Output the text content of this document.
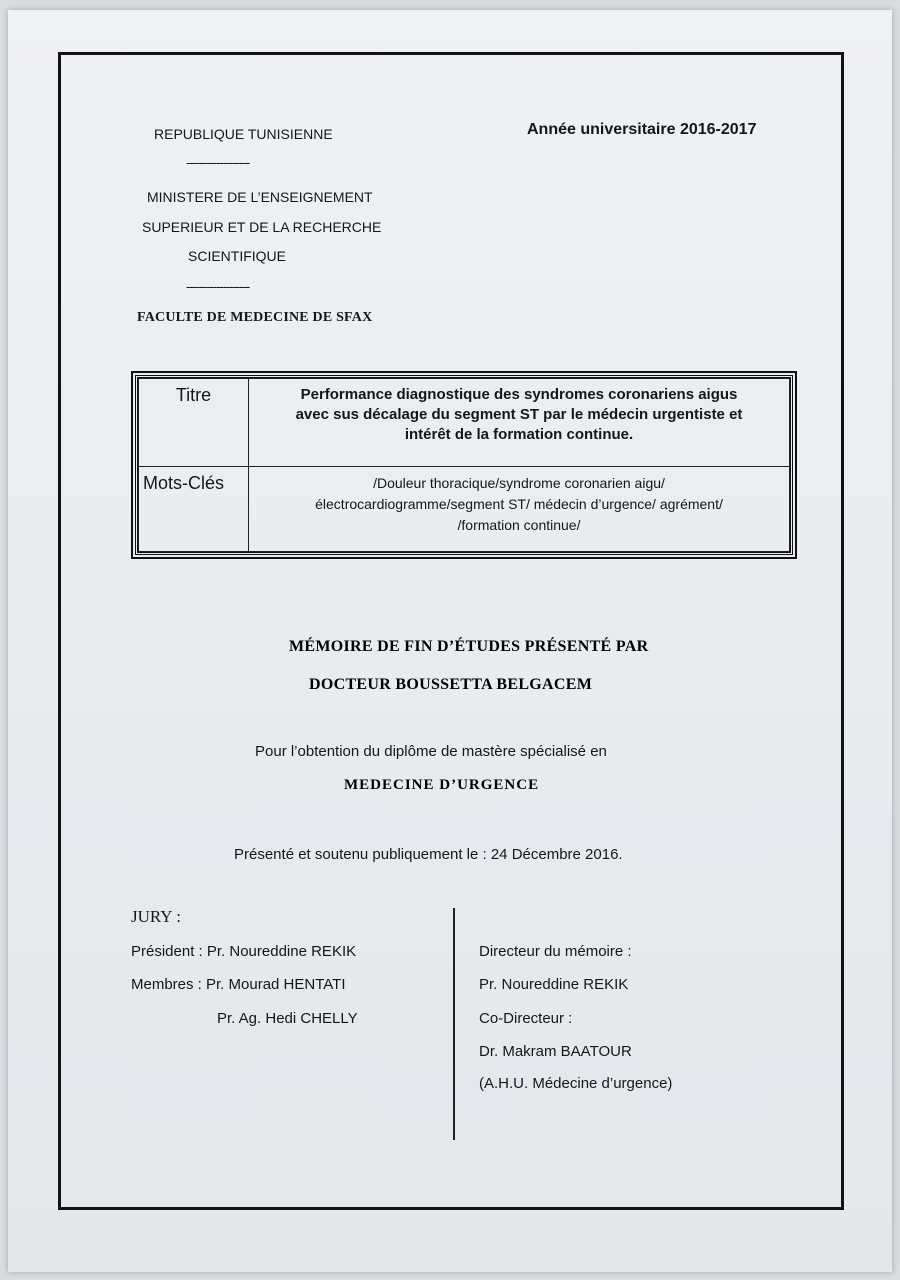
REPUBLIQUE TUNISIENNE
-------------------
MINISTERE DE L’ENSEIGNEMENT
SUPERIEUR ET DE LA RECHERCHE
SCIENTIFIQUE
-------------------
FACULTE DE MEDECINE DE SFAX
Année universitaire 2016-2017
Titre	Performance diagnostique des syndromes coronariens aigus
avec sus décalage du segment ST par le médecin urgentiste et
intérêt de la formation continue.
Mots-Clés	/Douleur thoracique/syndrome coronarien aigu/
électrocardiogramme/segment ST/ médecin d’urgence/ agrément/
/formation continue/
MÉMOIRE DE FIN D’ÉTUDES PRÉSENTÉ PAR
DOCTEUR BOUSSETTA BELGACEM
Pour l’obtention du diplôme de mastère spécialisé en
MEDECINE D’URGENCE
Présenté et soutenu publiquement le : 24 Décembre 2016.
JURY :
Président : Pr. Noureddine REKIK
Membres : Pr. Mourad HENTATI
Pr. Ag. Hedi CHELLY
Directeur du mémoire :
Pr. Noureddine REKIK
Co-Directeur :
Dr. Makram BAATOUR
(A.H.U. Médecine d’urgence)
